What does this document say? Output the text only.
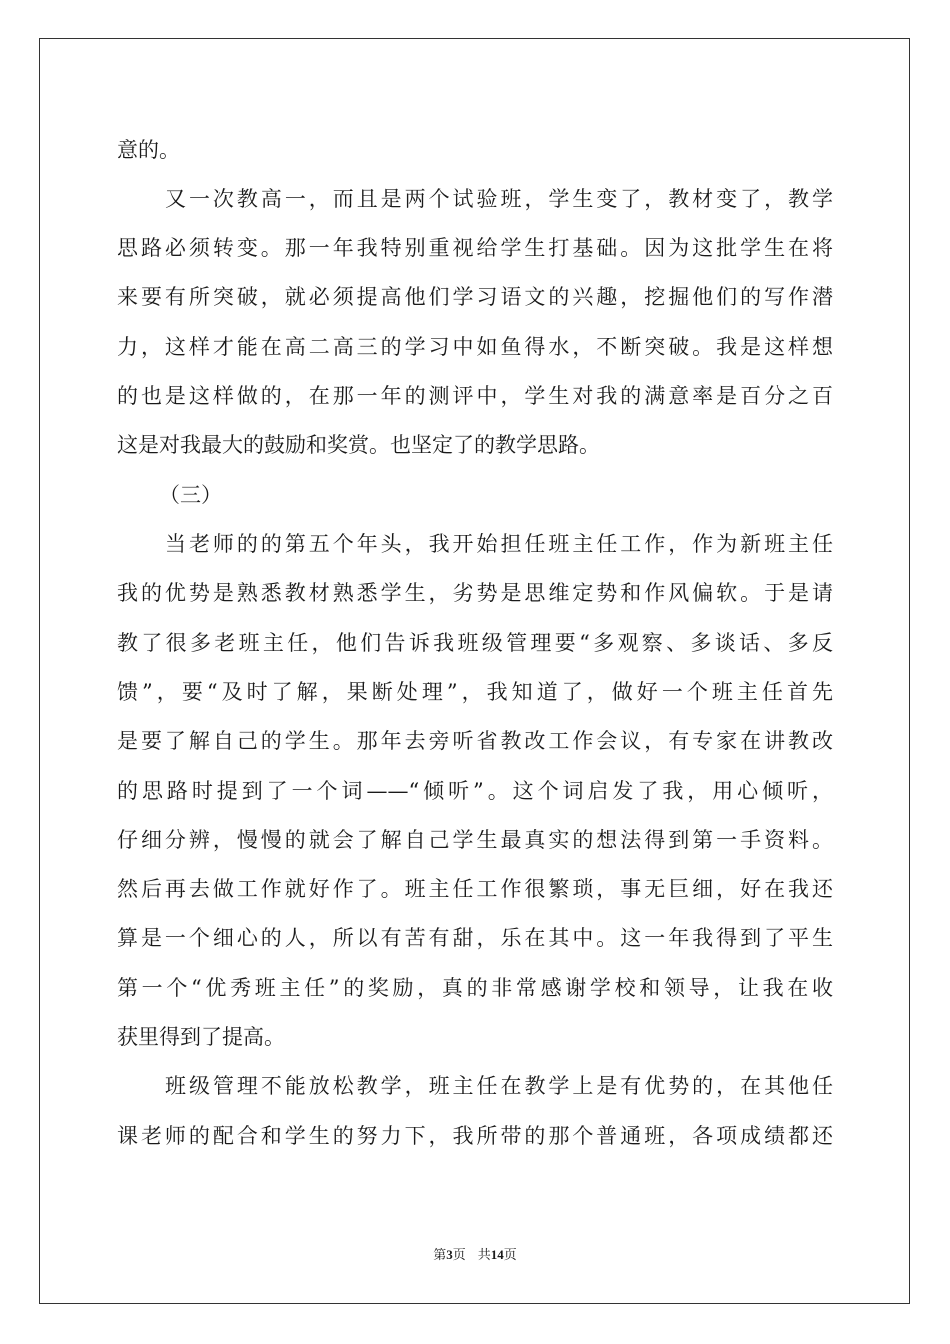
意的。
又一次教高一，而且是两个试验班，学生变了，教材变了，教学
思路必须转变。那一年我特别重视给学生打基础。因为这批学生在将
来要有所突破，就必须提高他们学习语文的兴趣，挖掘他们的写作潜
力，这样才能在高二高三的学习中如鱼得水，不断突破。我是这样想
的也是这样做的，在那一年的测评中，学生对我的满意率是百分之百
这是对我最大的鼓励和奖赏。也坚定了的教学思路。
（三）
当老师的的第五个年头，我开始担任班主任工作，作为新班主任
我的优势是熟悉教材熟悉学生，劣势是思维定势和作风偏软。于是请
教了很多老班主任，他们告诉我班级管理要“多观察、多谈话、多反
馈”，要“及时了解，果断处理”，我知道了，做好一个班主任首先
是要了解自己的学生。那年去旁听省教改工作会议，有专家在讲教改
的思路时提到了一个词——“倾听”。这个词启发了我，用心倾听，
仔细分辨，慢慢的就会了解自己学生最真实的想法得到第一手资料。
然后再去做工作就好作了。班主任工作很繁琐，事无巨细，好在我还
算是一个细心的人，所以有苦有甜，乐在其中。这一年我得到了平生
第一个“优秀班主任”的奖励，真的非常感谢学校和领导，让我在收
获里得到了提高。
班级管理不能放松教学，班主任在教学上是有优势的，在其他任
课老师的配合和学生的努力下，我所带的那个普通班，各项成绩都还
第3页 共14页
